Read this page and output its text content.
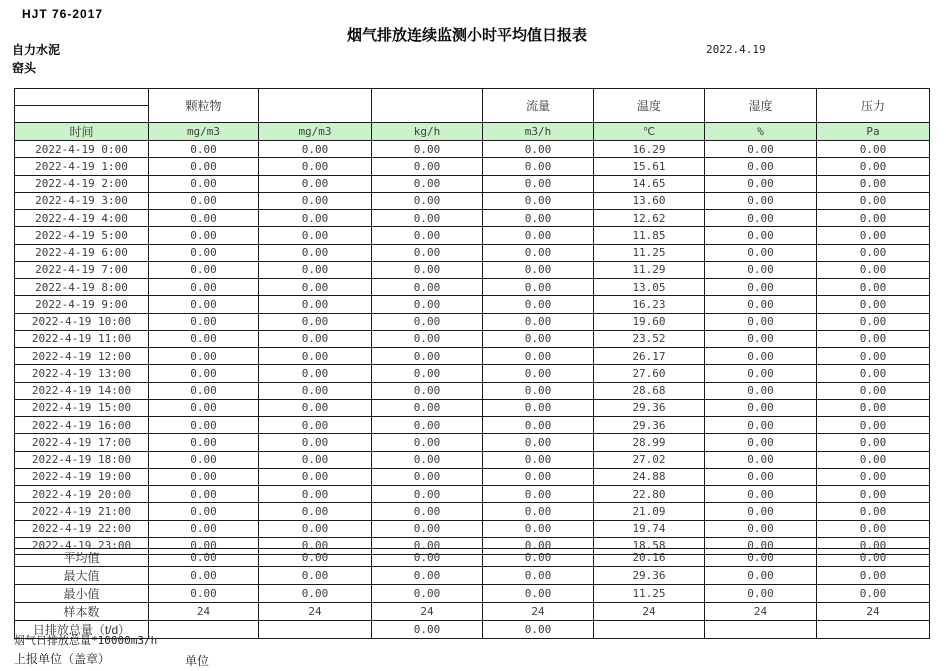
HJT 76-2017
烟气排放连续监测小时平均值日报表
2022.4.19
自力水泥
窑头
	颗粒物			流量	温度	湿度	压力

时间	mg/m3	mg/m3	kg/h	m3/h	℃	%	Pa
2022-4-19 0:00	0.00	0.00	0.00	0.00	16.29	0.00	0.00
2022-4-19 1:00	0.00	0.00	0.00	0.00	15.61	0.00	0.00
2022-4-19 2:00	0.00	0.00	0.00	0.00	14.65	0.00	0.00
2022-4-19 3:00	0.00	0.00	0.00	0.00	13.60	0.00	0.00
2022-4-19 4:00	0.00	0.00	0.00	0.00	12.62	0.00	0.00
2022-4-19 5:00	0.00	0.00	0.00	0.00	11.85	0.00	0.00
2022-4-19 6:00	0.00	0.00	0.00	0.00	11.25	0.00	0.00
2022-4-19 7:00	0.00	0.00	0.00	0.00	11.29	0.00	0.00
2022-4-19 8:00	0.00	0.00	0.00	0.00	13.05	0.00	0.00
2022-4-19 9:00	0.00	0.00	0.00	0.00	16.23	0.00	0.00
2022-4-19 10:00	0.00	0.00	0.00	0.00	19.60	0.00	0.00
2022-4-19 11:00	0.00	0.00	0.00	0.00	23.52	0.00	0.00
2022-4-19 12:00	0.00	0.00	0.00	0.00	26.17	0.00	0.00
2022-4-19 13:00	0.00	0.00	0.00	0.00	27.60	0.00	0.00
2022-4-19 14:00	0.00	0.00	0.00	0.00	28.68	0.00	0.00
2022-4-19 15:00	0.00	0.00	0.00	0.00	29.36	0.00	0.00
2022-4-19 16:00	0.00	0.00	0.00	0.00	29.36	0.00	0.00
2022-4-19 17:00	0.00	0.00	0.00	0.00	28.99	0.00	0.00
2022-4-19 18:00	0.00	0.00	0.00	0.00	27.02	0.00	0.00
2022-4-19 19:00	0.00	0.00	0.00	0.00	24.88	0.00	0.00
2022-4-19 20:00	0.00	0.00	0.00	0.00	22.80	0.00	0.00
2022-4-19 21:00	0.00	0.00	0.00	0.00	21.09	0.00	0.00
2022-4-19 22:00	0.00	0.00	0.00	0.00	19.74	0.00	0.00
2022-4-19 23:00	0.00	0.00	0.00	0.00	18.58	0.00	0.00

平均值	0.00	0.00	0.00	0.00	20.16	0.00	0.00
最大值	0.00	0.00	0.00	0.00	29.36	0.00	0.00
最小值	0.00	0.00	0.00	0.00	11.25	0.00	0.00
样本数	24	24	24	24	24	24	24
日排放总量（t/d）			0.00	0.00			
烟气日排放总量*10000m3/h
上报单位（盖章）	单位
